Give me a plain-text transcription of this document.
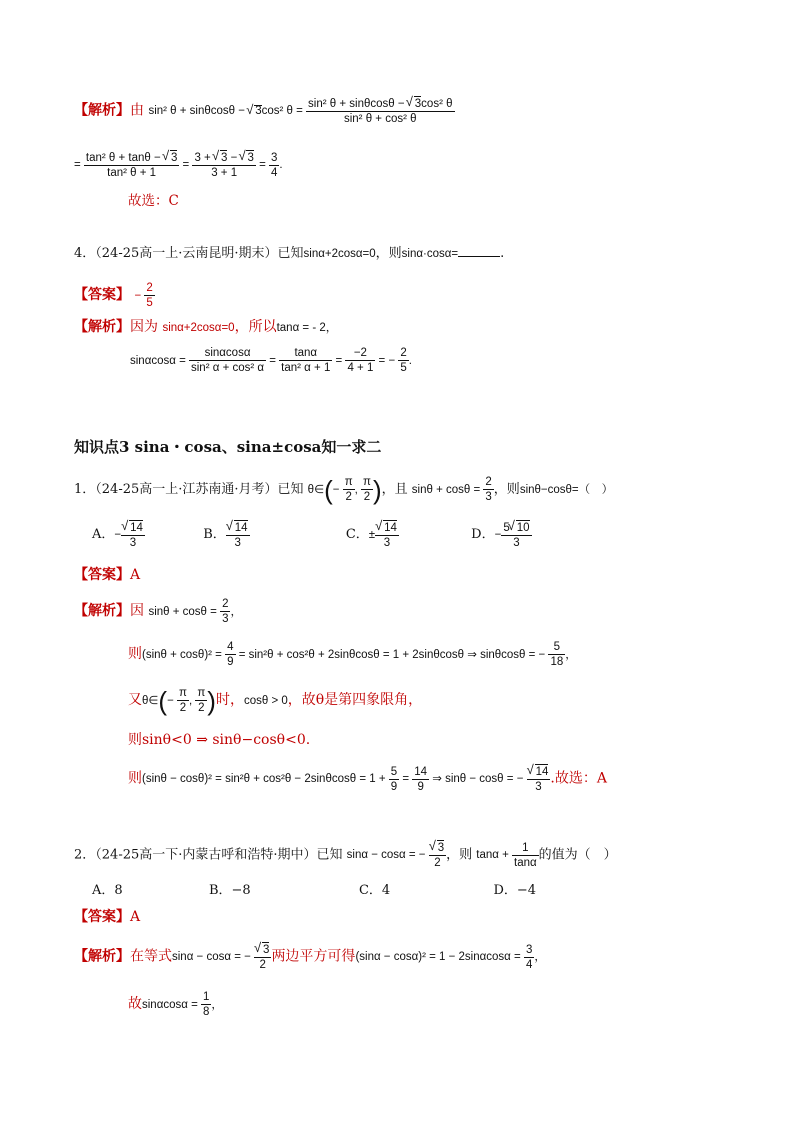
【解析】由 sin² θ + sinθcosθ − √ 3cos² $\theta = \frac{\text{sin² θ + sinθcosθ − √ 3cos² θ}}{\text{sin² θ + cos² θ}}$
= $\frac{\text{tan² θ + tanθ − √ 3}}{\text{tan² θ + 1}} = \frac{3 + √ 3 - √ 3}{3 + 1} = \frac{3}{4}$ .
故选：C
4．（24-25高一上·云南昆明·期末）已知sinα+2cosα=0，则sinα·cosα=	.
【答案】 − $\frac{2}{5}$
【解析】因为 sinα+2cosα=0，所以tanα = - 2，
$\sin\alpha\cos\alpha = \frac{\sin\alpha\cos\alpha}{\text{sin² α + cos² α}} = \frac{\tan\alpha}{\text{tan² α + 1}} = \frac{-2}{4 + 1}$ = − $\frac{2}{5}$ .
知识点3 sina・cosa、sina±cosa知一求二
1．（24-25高一上·江苏南通·月考）已知 θ∈(− $\frac{\pi}{2}$ , $\frac{\pi}{2}$ )，且 $\sin\theta + \cos\theta = \frac{2}{3}$ ，则sinθ−cosθ=（　）
A．− √ $\frac{14}{3}$	B． √ $\frac{14}{3}$	C．± √ $\frac{14}{3}$	D．− $\frac{5 √ 10}{3}$
【答案】A
【解析】因 $\sin\theta + \cos\theta = \frac{2}{3}$ ，
则$(\sin\theta + \cos\theta)^2 = \frac{4}{9} = \sin^2\theta + \cos^2\theta + 2\sin\theta\cos\theta = 1 + 2\sin\theta\cos\theta$ ⇒ sinθcosθ = − $\frac{5}{18}$ ，
又θ∈(− $\frac{\pi}{2}$ , $\frac{\pi}{2}$ )时，cosθ > 0，故θ是第四象限角，
则sinθ<0 ⇒ sinθ−cosθ<0.
则$(\sin\theta - \cos\theta)^2 = \sin^2\theta + \cos^2\theta - 2\sin\theta\cos\theta = 1 + \frac{5}{9} = \frac{14}{9}$ ⇒ sinθ − cosθ = − √ $\frac{14}{3}$ .故选：A
2．（24-25高一下·内蒙古呼和浩特·期中）已知 sinα − cosα = − √ $\frac{3}{2}$ ，则 $\tan\alpha + \frac{1}{\tan\alpha}$ 的值为（　）
A．8	B．−8	C．4	D．−4
【答案】A
【解析】在等式sinα − cosα = − √ $\frac{3}{2}$ 两边平方可得$(\sin\alpha - \cos\alpha)^2 = 1 - 2\sin\alpha\cos\alpha = \frac{3}{4}$ ，
故$\sin\alpha\cos\alpha = \frac{1}{8}$ ，
